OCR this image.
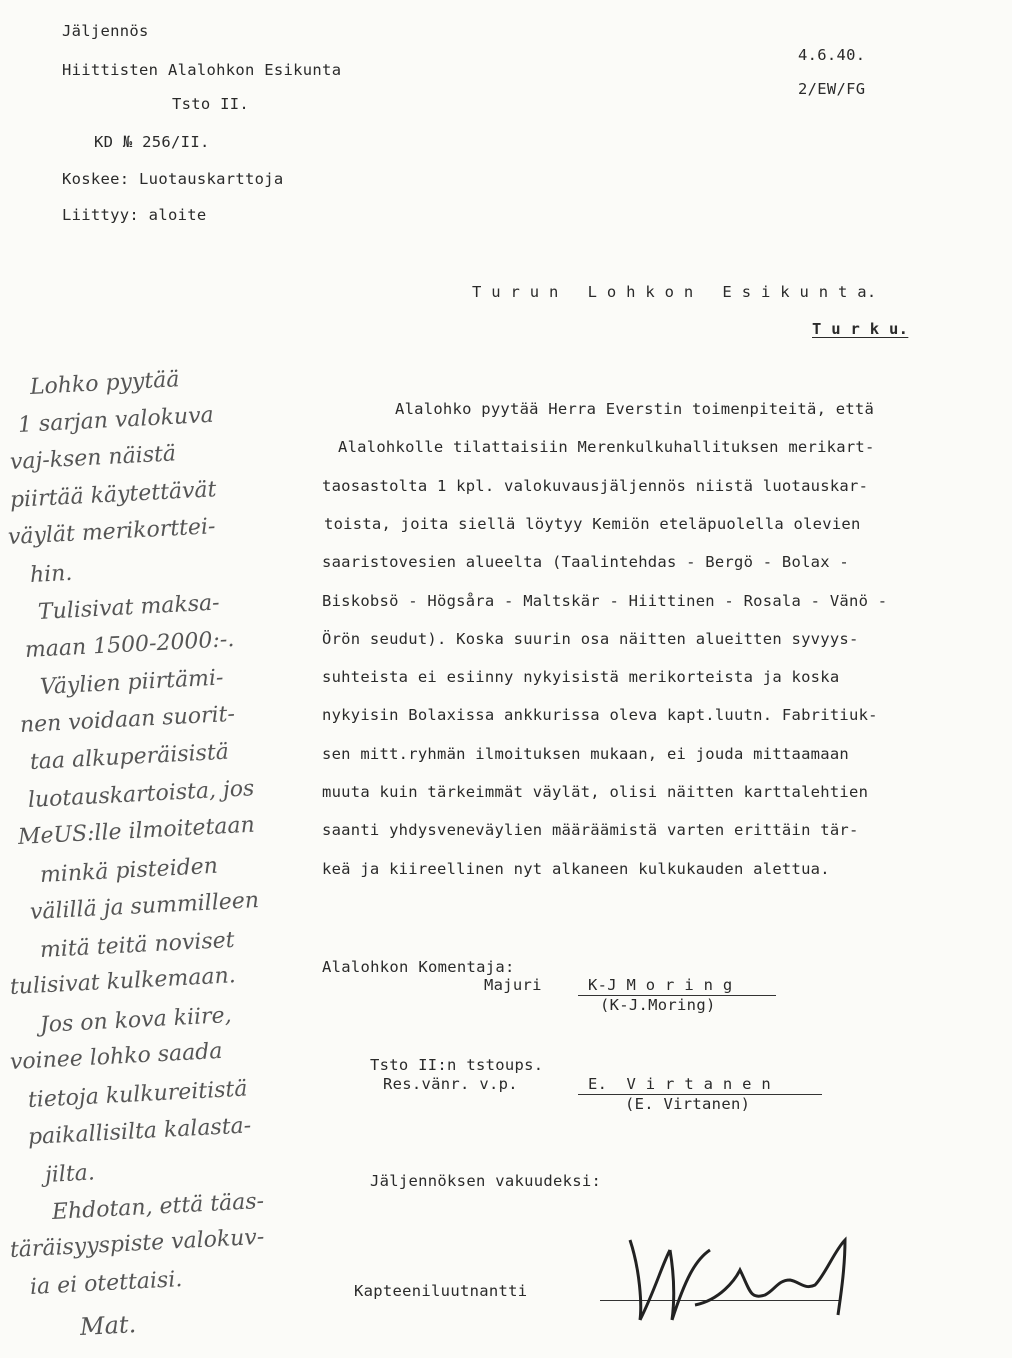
Jäljennös
Hiittisten Alalohkon Esikunta
Tsto II.
KD № 256/II.
Koskee: Luotauskarttoja
Liittyy: aloite
4.6.40.
2/EW/FG
T u r u n   L o h k o n   E s i k u n t a.
T u r k u.
Alalohko pyytää Herra Everstin toimenpiteitä, että
Alalohkolle tilattaisiin Merenkulkuhallituksen merikart-
taosastolta 1 kpl. valokuvausjäljennös niistä luotauskar-
toista, joita siellä löytyy Kemiön eteläpuolella olevien
saaristovesien alueelta (Taalintehdas - Bergö - Bolax -
Biskobsö - Högsåra - Maltskär - Hiittinen - Rosala - Vänö -
Örön seudut). Koska suurin osa näitten alueitten syvyys-
suhteista ei esiinny nykyisistä merikorteista ja koska
nykyisin Bolaxissa ankkurissa oleva kapt.luutn. Fabritiuk-
sen mitt.ryhmän ilmoituksen mukaan, ei jouda mittaamaan
muuta kuin tärkeimmät väylät, olisi näitten karttalehtien
saanti yhdysveneväylien määräämistä varten erittäin tär-
keä ja kiireellinen nyt alkaneen kulkukauden alettua.
Alalohkon Komentaja:
Majuri	K-J M o r i n g
(K-J.Moring)
Tsto II:n tstoups.
Res.vänr. v.p.	E.  V i r t a n e n
(E. Virtanen)
Jäljennöksen vakuudeksi:
Kapteeniluutnantti
Lohko pyytää
1 sarjan valokuva
vaj-ksen näistä
piirtää käytettävät
väylät merikorttei-
hin.
Tulisivat maksa-
maan 1500-2000:-.
Väylien piirtämi-
nen voidaan suorit-
taa alkuperäisistä
luotauskartoista, jos
MeUS:lle ilmoitetaan
minkä pisteiden
välillä ja summilleen
mitä teitä noviset
tulisivat kulkemaan.
Jos on kova kiire,
voinee lohko saada
tietoja kulkureitistä
paikallisilta kalasta-
jilta.
Ehdotan, että täas-
täräisyyspiste valokuv-
ia ei otettaisi.
Mat.
